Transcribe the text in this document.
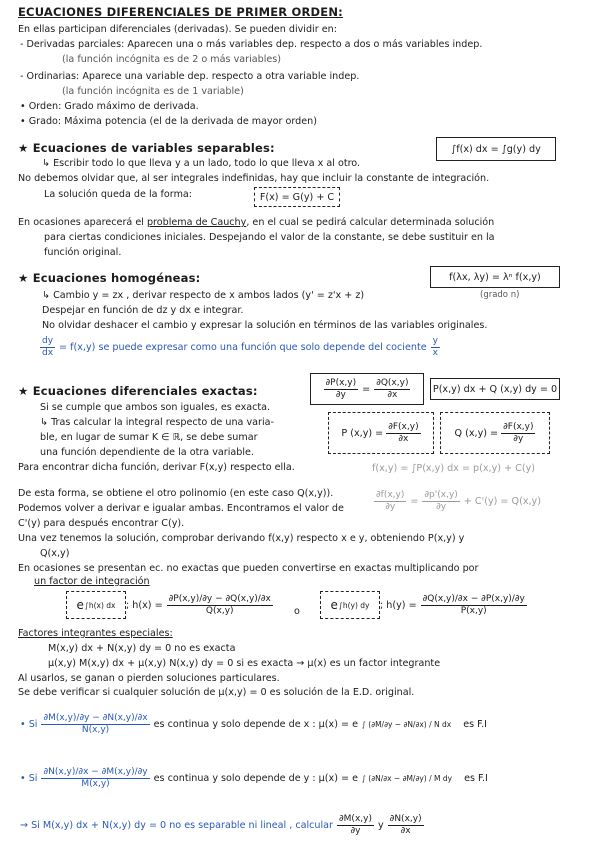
ECUACIONES DIFERENCIALES DE PRIMER ORDEN:
En ellas participan diferenciales (derivadas). Se pueden dividir en:
- Derivadas parciales: Aparecen una o más variables dep. respecto a dos o más variables indep.
(la función incógnita es de 2 o más variables)
- Ordinarias: Aparece una variable dep. respecto a otra variable indep.
(la función incógnita es de 1 variable)
• Orden: Grado máximo de derivada.
• Grado: Máxima potencia (el de la derivada de mayor orden)
★ Ecuaciones de variables separables:	∫f(x) dx = ∫g(y) dy
↳ Escribir todo lo que lleva y a un lado, todo lo que lleva x al otro.
No debemos olvidar que, al ser integrales indefinidas, hay que incluir la constante de integración.
La solución queda de la forma:	F(x) = G(y) + C
En ocasiones aparecerá el problema de Cauchy, en el cual se pedirá calcular determinada solución
para ciertas condiciones iniciales. Despejando el valor de la constante, se debe sustituir en la
función original.
★ Ecuaciones homogéneas:	f(λx, λy) = λⁿ f(x,y)
(grado n)
↳ Cambio y = zx , derivar respecto de x ambos lados (y' = z'x + z)
Despejar en función de dz y dx e integrar.
No olvidar deshacer el cambio y expresar la solución en términos de las variables originales.
$\frac{dy}{dx} = f(x,y)$ se puede expresar como una función que solo depende del cociente $\frac{y}{x}$
★ Ecuaciones diferenciales exactas:	$\frac{\partial P(x,y)}{\partial y} = \frac{\partial Q(x,y)}{\partial x}$	P(x,y) dx + Q (x,y) dy = 0
Si se cumple que ambos son iguales, es exacta.
↳ Tras calcular la integral respecto de una varia-
ble, en lugar de sumar K ∈ ℝ, se debe sumar
una función dependiente de la otra variable.
Para encontrar dicha función, derivar F(x,y) respecto ella.
P $(x,y) = \frac{\partial F(x,y)}{\partial x}$	Q $(x,y) = \frac{\partial F(x,y)}{\partial y}$
f(x,y) = ∫P(x,y) dx = p(x,y) + C(y)
De esta forma, se obtiene el otro polinomio (en este caso Q(x,y)).
Podemos volver a derivar e igualar ambas. Encontramos el valor de
C'(y) para después encontrar C(y).
$\frac{\partial f(x,y)}{\partial y} = \frac{\partial p'(x,y)}{\partial y} + C'(y) = Q(x,y)$
Una vez tenemos la solución, comprobar derivando f(x,y) respecto x e y, obteniendo P(x,y) y
Q(x,y)
En ocasiones se presentan ec. no exactas que pueden convertirse en exactas multiplicando por
un factor de integración
e ∫h(x) dx ; $h(x) = \frac{\partial P(x,y)/\partial y - \partial Q(x,y)/\partial x}{Q(x,y)}$ o	e ∫h(y) dy ; $h(y) = \frac{\partial Q(x,y)/\partial x - \partial P(x,y)/\partial y}{P(x,y)}$
Factores integrantes especiales:
M(x,y) dx + N(x,y) dy = 0 no es exacta
μ(x,y) M(x,y) dx + μ(x,y) N(x,y) dy = 0 si es exacta → μ(x) es un factor integrante
Al usarlos, se ganan o pierden soluciones particulares.
Se debe verificar si cualquier solución de μ(x,y) = 0 es solución de la E.D. original.
• Si $\frac{\partial M(x,y)/\partial y - \partial N(x,y)/\partial x}{N(x,y)}$ es continua y solo depende de x : μ(x) = e ∫ (∂M/∂y − ∂N/∂x) / N dx es F.I
• Si $\frac{\partial N(x,y)/\partial x - \partial M(x,y)/\partial y}{M(x,y)}$ es continua y solo depende de y : μ(x) = e ∫ (∂N/∂x − ∂M/∂y) / M dy es F.I
→ Si M(x,y) dx + N(x,y) dy = 0 no es separable ni lineal , calcular $\frac{\partial M(x,y)}{\partial y}$ y $\frac{\partial N(x,y)}{\partial x}$
